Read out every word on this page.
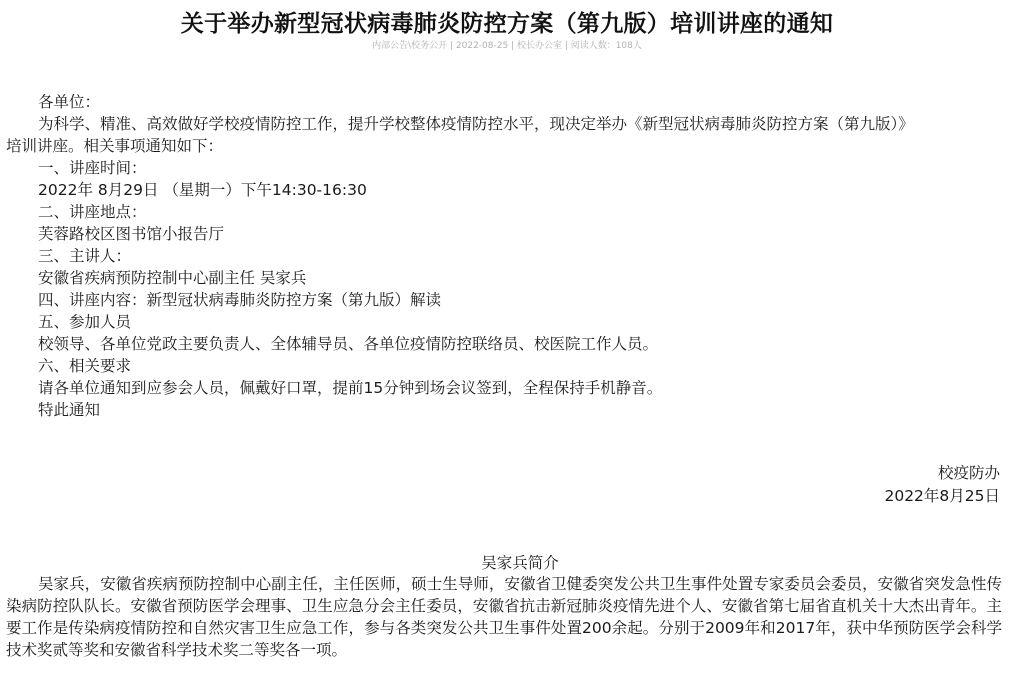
关于举办新型冠状病毒肺炎防控方案（第九版）培训讲座的通知
内部公告\校务公开 | 2022-08-25 | 校长办公室 | 阅读人数：108人
各单位：
为科学、精准、高效做好学校疫情防控工作，提升学校整体疫情防控水平，现决定举办《新型冠状病毒肺炎防控方案（第九版）》
培训讲座。相关事项通知如下：
一、讲座时间：
2022年 8月29日 （星期一）下午14:30-16:30
二、讲座地点：
芙蓉路校区图书馆小报告厅
三、主讲人：
安徽省疾病预防控制中心副主任 吴家兵
四、讲座内容：新型冠状病毒肺炎防控方案（第九版）解读
五、参加人员
校领导、各单位党政主要负责人、全体辅导员、各单位疫情防控联络员、校医院工作人员。
六、相关要求
请各单位通知到应参会人员，佩戴好口罩，提前15分钟到场会议签到，全程保持手机静音。
特此通知
校疫防办
2022年8月25日
吴家兵简介
吴家兵，安徽省疾病预防控制中心副主任，主任医师，硕士生导师，安徽省卫健委突发公共卫生事件处置专家委员会委员，安徽省突发急性传染病防控队队长。安徽省预防医学会理事、卫生应急分会主任委员，安徽省抗击新冠肺炎疫情先进个人、安徽省第七届省直机关十大杰出青年。主要工作是传染病疫情防控和自然灾害卫生应急工作，参与各类突发公共卫生事件处置200余起。分别于2009年和2017年，获中华预防医学会科学技术奖贰等奖和安徽省科学技术奖二等奖各一项。
